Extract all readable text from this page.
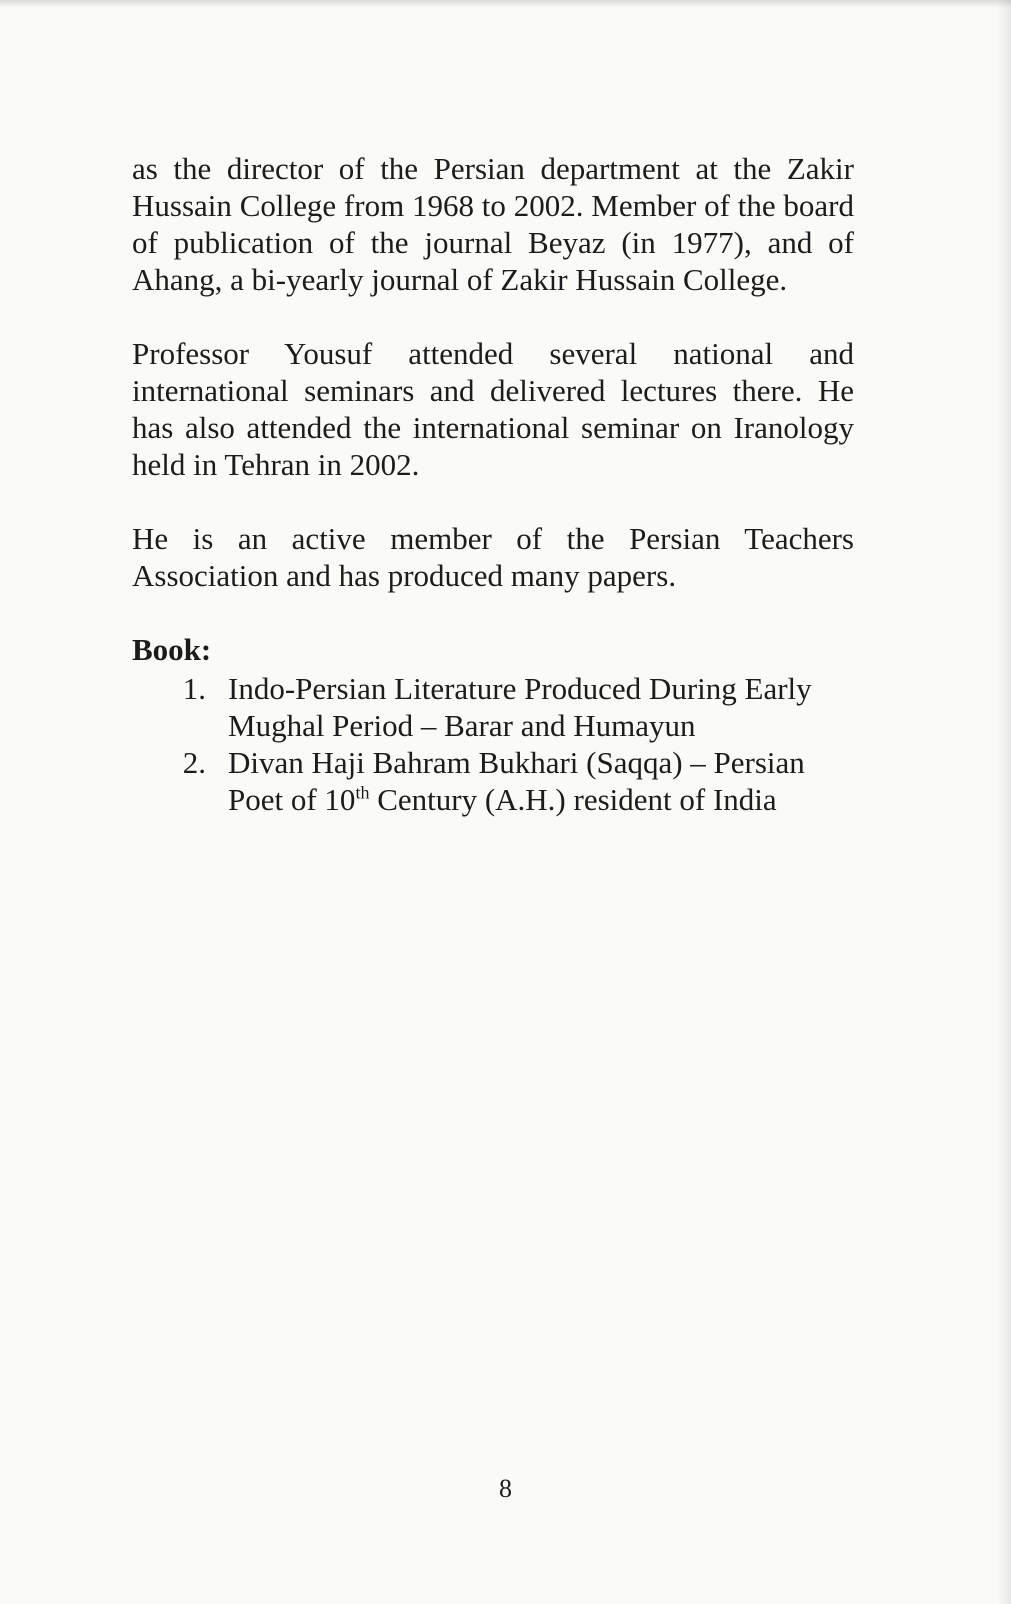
as the director of the Persian department at the Zakir Hussain College from 1968 to 2002. Member of the board of publication of the journal Beyaz (in 1977), and of Ahang, a bi-yearly journal of Zakir Hussain College.

Professor Yousuf attended several national and international seminars and delivered lectures there. He has also attended the international seminar on Iranology held in Tehran in 2002.

He is an active member of the Persian Teachers Association and has produced many papers.

Book:
1. Indo-Persian Literature Produced During Early Mughal Period – Barar and Humayun
2. Divan Haji Bahram Bukhari (Saqqa) – Persian Poet of 10th Century (A.H.) resident of India
8
